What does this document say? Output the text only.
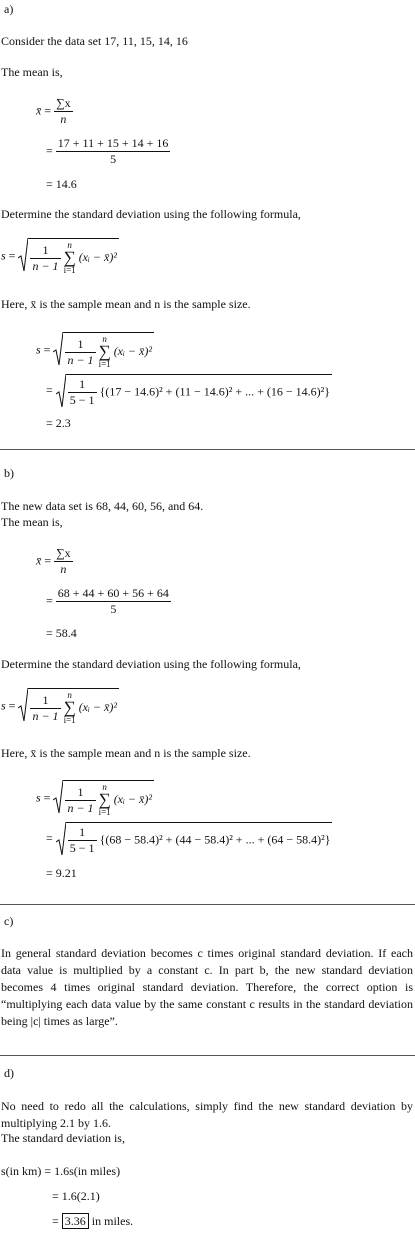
a)
Consider the data set 17, 11, 15, 14, 16
The mean is,
x̄ = $\frac{\sum x}{n}$
= $\frac{17 + 11 + 15 + 14 + 16}{5}$
= 14.6
Determine the standard deviation using the following formula,
$s = \frac{1}{n - 1}$ n
∑
i=1 (xᵢ − x̄)²
Here, x̄ is the sample mean and n is the sample size.
$s = \frac{1}{n - 1}$ n
∑
i=1 (xᵢ − x̄)²
= $\frac{1}{5 - 1} \{(17 - 14.6)^2 + (11 - 14.6)^2$ + ... + (16 − 14.6)²}
= 2.3
b)
The new data set is 68, 44, 60, 56, and 64.
The mean is,
x̄ = $\frac{\sum x}{n}$
= $\frac{68 + 44 + 60 + 56 + 64}{5}$
= 58.4
Determine the standard deviation using the following formula,
$s = \frac{1}{n - 1}$ n
∑
i=1 (xᵢ − x̄)²
Here, x̄ is the sample mean and n is the sample size.
$s = \frac{1}{n - 1}$ n
∑
i=1 (xᵢ − x̄)²
= $\frac{1}{5 - 1} \{(68 - 58.4)^2 + (44 - 58.4)^2$ + ... + (64 − 58.4)²}
= 9.21
c)
In general standard deviation becomes c times original standard deviation. If each data value is multiplied by a constant c. In part b, the new standard deviation becomes 4 times original standard deviation. Therefore, the correct option is “multiplying each data value by the same constant c results in the standard deviation being |c| times as large”.
d)
No need to redo all the calculations, simply find the new standard deviation by multiplying 2.1 by 1.6.
The standard deviation is,
s(in km) = 1.6s(in miles)
= 1.6(2.1)
= 3.36 in miles.
